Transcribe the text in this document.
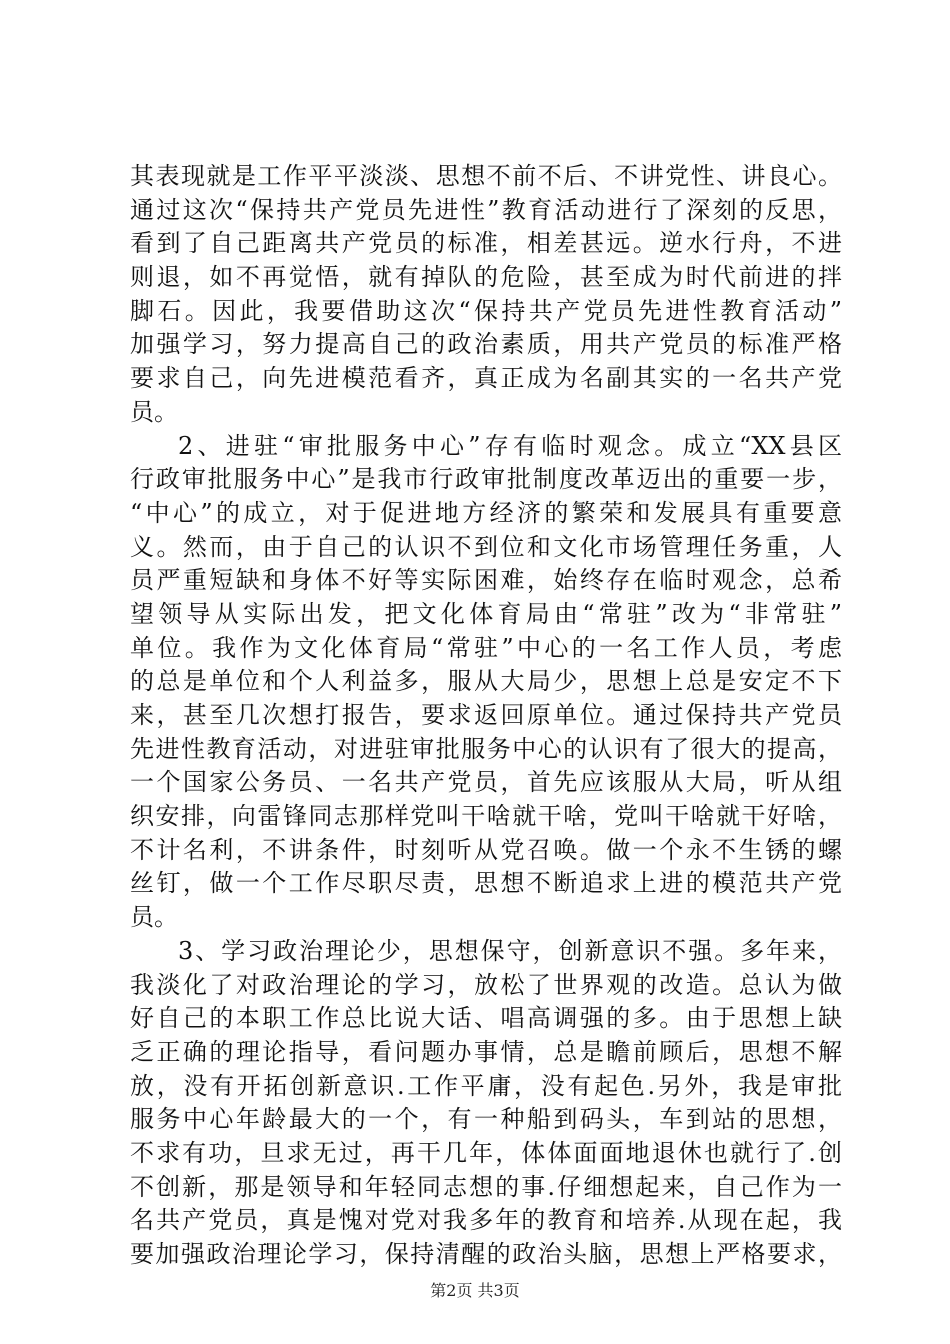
其表现就是工作平平淡淡、思想不前不后、不讲党性、讲良心。
通过这次“保持共产党员先进性”教育活动进行了深刻的反思，
看到了自己距离共产党员的标准，相差甚远。逆水行舟，不进
则退，如不再觉悟，就有掉队的危险，甚至成为时代前进的拌
脚石。因此，我要借助这次“保持共产党员先进性教育活动”
加强学习，努力提高自己的政治素质，用共产党员的标准严格
要求自己，向先进模范看齐，真正成为名副其实的一名共产党
员。
2、进驻“审批服务中心”存有临时观念。成立“XX县区
行政审批服务中心”是我市行政审批制度改革迈出的重要一步，
“中心”的成立，对于促进地方经济的繁荣和发展具有重要意
义。然而，由于自己的认识不到位和文化市场管理任务重，人
员严重短缺和身体不好等实际困难，始终存在临时观念，总希
望领导从实际出发，把文化体育局由“常驻”改为“非常驻”
单位。我作为文化体育局“常驻”中心的一名工作人员，考虑
的总是单位和个人利益多，服从大局少，思想上总是安定不下
来，甚至几次想打报告，要求返回原单位。通过保持共产党员
先进性教育活动，对进驻审批服务中心的认识有了很大的提高，
一个国家公务员、一名共产党员，首先应该服从大局，听从组
织安排，向雷锋同志那样党叫干啥就干啥，党叫干啥就干好啥，
不计名利，不讲条件，时刻听从党召唤。做一个永不生锈的螺
丝钉，做一个工作尽职尽责，思想不断追求上进的模范共产党
员。
3、学习政治理论少，思想保守，创新意识不强。多年来，
我淡化了对政治理论的学习，放松了世界观的改造。总认为做
好自己的本职工作总比说大话、唱高调强的多。由于思想上缺
乏正确的理论指导，看问题办事情，总是瞻前顾后，思想不解
放，没有开拓创新意识.工作平庸，没有起色.另外，我是审批
服务中心年龄最大的一个，有一种船到码头，车到站的思想，
不求有功，旦求无过，再干几年，体体面面地退休也就行了.创
不创新，那是领导和年轻同志想的事.仔细想起来，自己作为一
名共产党员，真是愧对党对我多年的教育和培养.从现在起，我
要加强政治理论学习，保持清醒的政治头脑，思想上严格要求，
第2页 共3页
